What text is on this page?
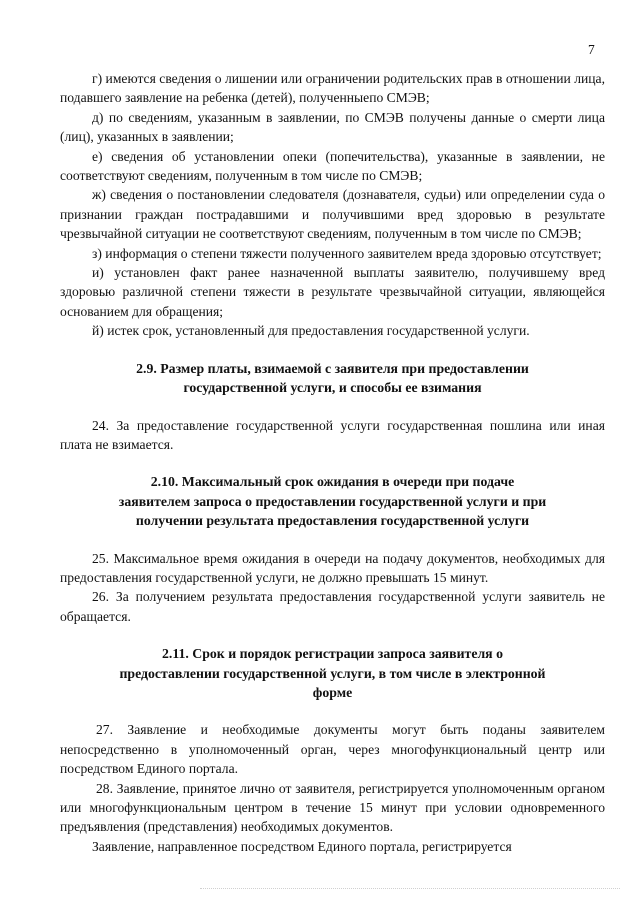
7

г) имеются сведения о лишении или ограничении родительских прав в отношении лица, подавшего заявление на ребенка (детей), полученныепо СМЭВ;

д) по сведениям, указанным в заявлении, по СМЭВ получены данные о смерти лица (лиц), указанных в заявлении;

е) сведения об установлении опеки (попечительства), указанные в заявлении, не соответствуют сведениям, полученным в том числе по СМЭВ;

ж) сведения о постановлении следователя (дознавателя, судьи) или определении суда о признании граждан пострадавшими и получившими вред здоровью в результате чрезвычайной ситуации не соответствуют сведениям, полученным в том числе по СМЭВ;

з) информация о степени тяжести полученного заявителем вреда здоровью отсутствует;

и) установлен факт ранее назначенной выплаты заявителю, получившему вред здоровью различной степени тяжести в результате чрезвычайной ситуации, являющейся основанием для обращения;

й) истек срок, установленный для предоставления государственной услуги.

2.9. Размер платы, взимаемой с заявителя при предоставлении
государственной услуги, и способы ее взимания

24. За предоставление государственной услуги государственная пошлина или иная плата не взимается.

2.10. Максимальный срок ожидания в очереди при подаче
заявителем запроса о предоставлении государственной услуги и при
получении результата предоставления государственной услуги

25. Максимальное время ожидания в очереди на подачу документов, необходимых для предоставления государственной услуги, не должно превышать 15 минут.

26. За получением результата предоставления государственной услуги заявитель не обращается.

2.11. Срок и порядок регистрации запроса заявителя о
предоставлении государственной услуги, в том числе в электронной
форме

27. Заявление и необходимые документы могут быть поданы заявителем непосредственно в уполномоченный орган, через многофункциональный центр или посредством Единого портала.

28. Заявление, принятое лично от заявителя, регистрируется уполномоченным органом или многофункциональным центром в течение 15 минут при условии одновременного предъявления (представления) необходимых документов.

Заявление, направленное посредством Единого портала, регистрируется
